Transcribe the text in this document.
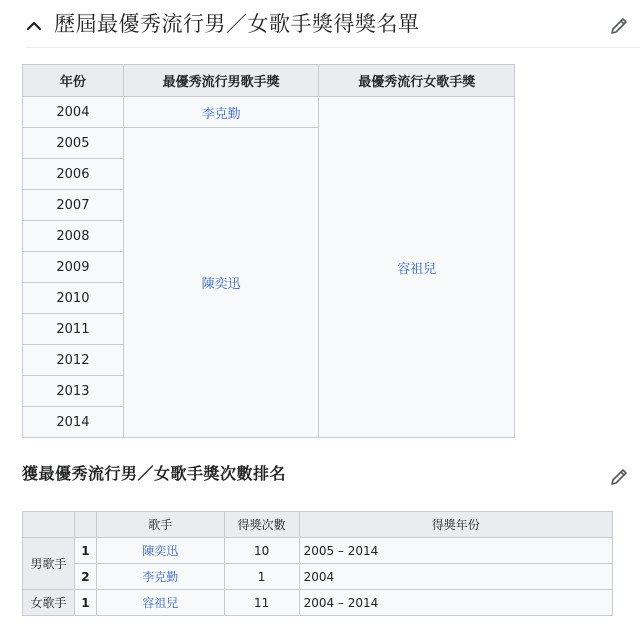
歷屆最優秀流行男／女歌手獎得獎名單
年份	最優秀流行男歌手獎	最優秀流行女歌手獎
2004	李克勤	容祖兒
2005	陳奕迅	
2006		
2007		
2008		
2009		
2010		
2011		
2012		
2013		
2014		
獲最優秀流行男／女歌手獎次數排名
		歌手	得獎次數	得獎年份
男歌手	1	陳奕迅	10	2005 – 2014
	2	李克勤	1	2004
女歌手	1	容祖兒	11	2004 – 2014
